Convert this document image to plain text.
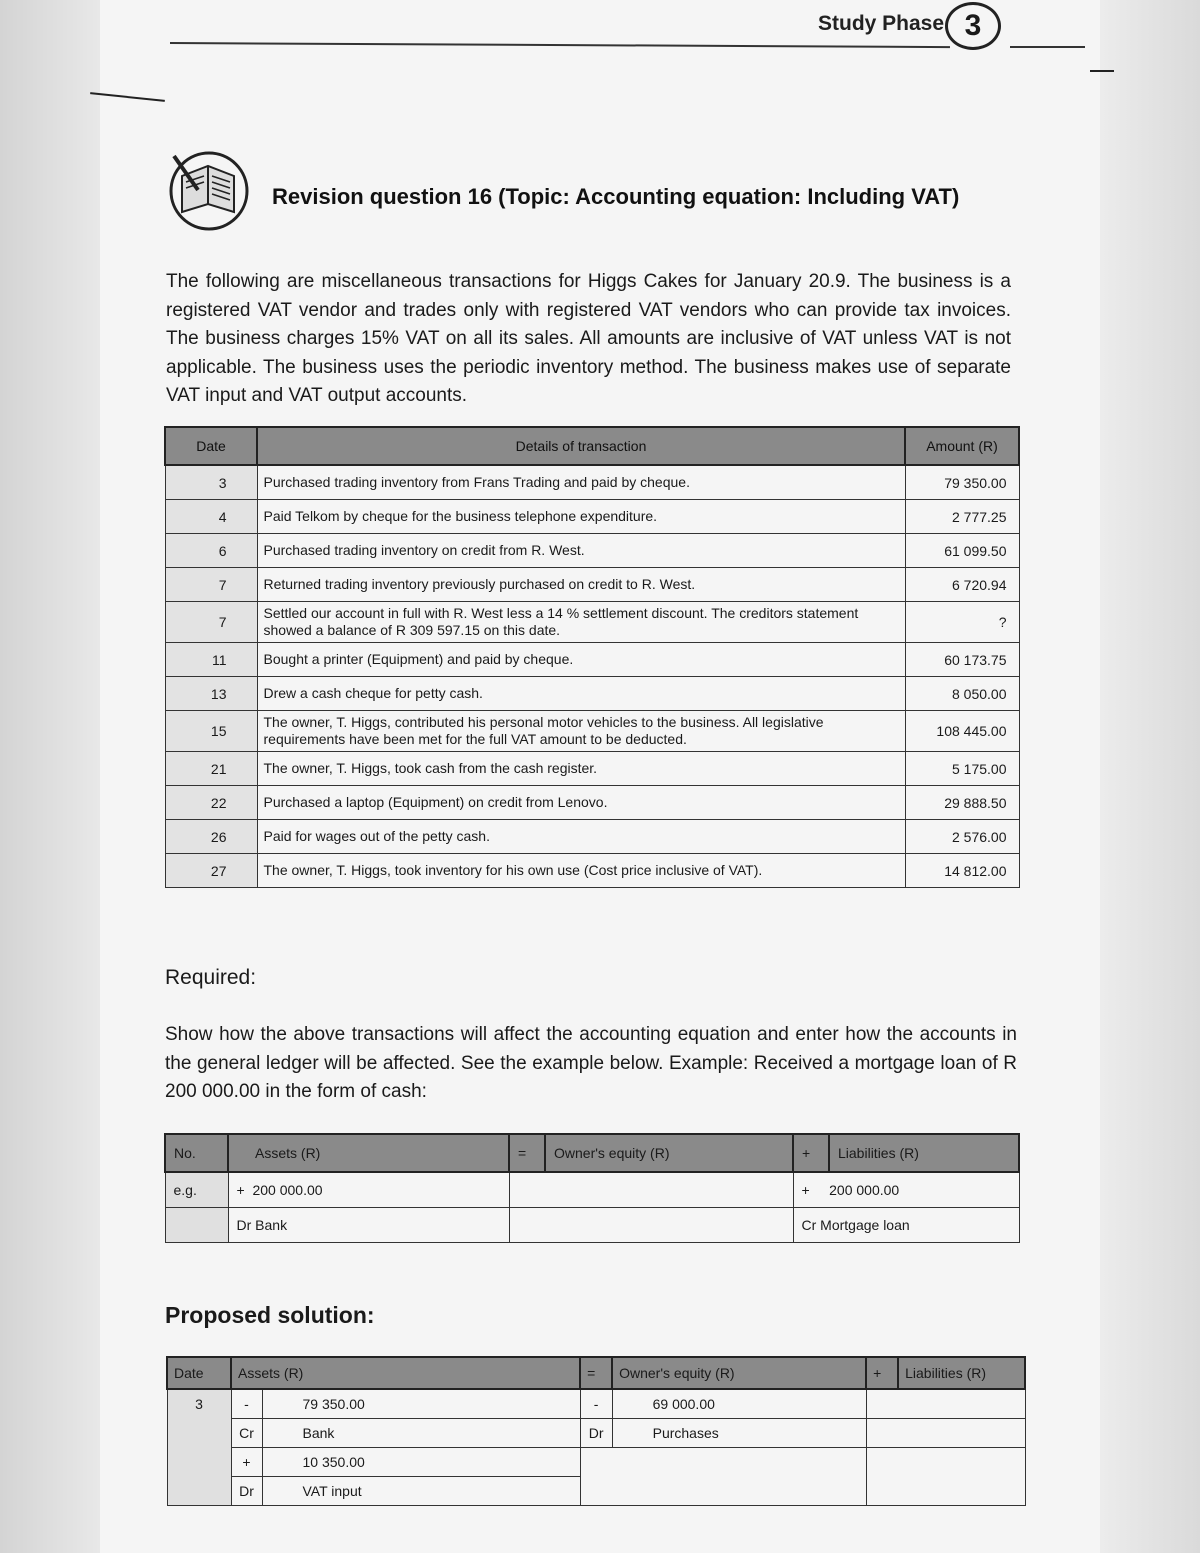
Study Phase 3
Revision question 16 (Topic: Accounting equation: Including VAT)
The following are miscellaneous transactions for Higgs Cakes for January 20.9. The business is a registered VAT vendor and trades only with registered VAT vendors who can provide tax invoices. The business charges 15% VAT on all its sales. All amounts are inclusive of VAT unless VAT is not applicable. The business uses the periodic inventory method. The business makes use of separate VAT input and VAT output accounts.
Date	Details of transaction	Amount (R)
3	Purchased trading inventory from Frans Trading and paid by cheque.	79 350.00
4	Paid Telkom by cheque for the business telephone expenditure.	2 777.25
6	Purchased trading inventory on credit from R. West.	61 099.50
7	Returned trading inventory previously purchased on credit to R. West.	6 720.94
7	Settled our account in full with R. West less a 14 % settlement discount. The creditors statement showed a balance of R 309 597.15 on this date.	?
11	Bought a printer (Equipment) and paid by cheque.	60 173.75
13	Drew a cash cheque for petty cash.	8 050.00
15	The owner, T. Higgs, contributed his personal motor vehicles to the business. All legislative requirements have been met for the full VAT amount to be deducted.	108 445.00
21	The owner, T. Higgs, took cash from the cash register.	5 175.00
22	Purchased a laptop (Equipment) on credit from Lenovo.	29 888.50
26	Paid for wages out of the petty cash.	2 576.00
27	The owner, T. Higgs, took inventory for his own use (Cost price inclusive of VAT).	14 812.00
Required:
Show how the above transactions will affect the accounting equation and enter how the accounts in the general ledger will be affected. See the example below. Example: Received a mortgage loan of R 200 000.00 in the form of cash:
No.	Assets (R)	=	Owner's equity (R)	+	Liabilities (R)
e.g.	+ 200 000.00			+ 200 000.00	
	Dr Bank			Cr Mortgage loan	
Proposed solution:
Date	Assets (R)		=	Owner's equity (R)	+	Liabilities (R)
3	-	79 350.00	-	69 000.00		
	Cr	Bank	Dr	Purchases		
	+	10 350.00				
	Dr	VAT input				
